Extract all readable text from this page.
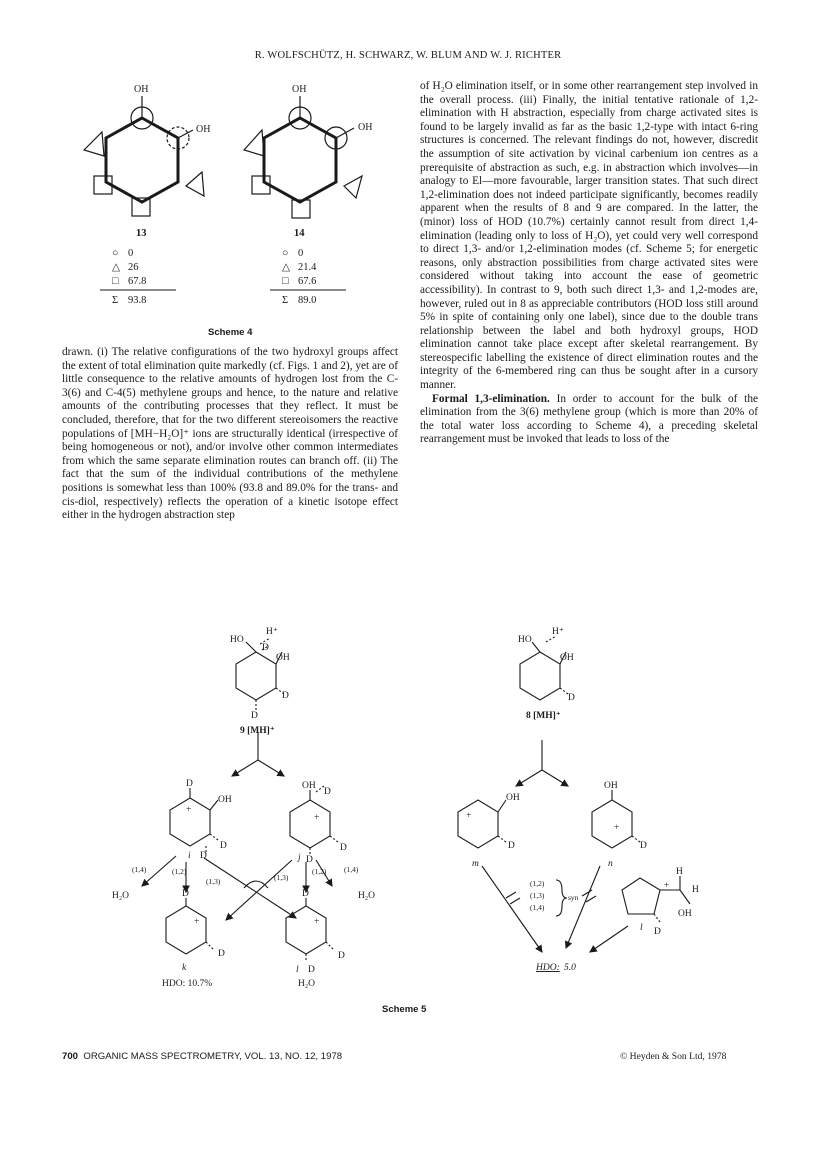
R. WOLFSCHÜTZ, H. SCHWARZ, W. BLUM AND W. J. RICHTER
OH
OH
OH
OH
13
○ 0
△ 26
□ 67.8
Σ 93.8
14
○ 0
△ 21.4
□ 67.6
Σ 89.0
Scheme 4

drawn. (i) The relative configurations of the two hydroxyl groups affect the extent of total elimination quite markedly (cf. Figs. 1 and 2), yet are of little consequence to the relative amounts of hydrogen lost from the C-3(6) and C-4(5) methylene groups and hence, to the nature and relative amounts of the contributing processes that they reflect. It must be concluded, therefore, that for the two different stereoisomers the reactive populations of [MH−H₂O]⁺ ions are structurally identical (irrespective of being homogeneous or not), and/or involve other common intermediates from which the same separate elimination routes can branch off. (ii) The fact that the sum of the individual contributions of the methylene positions is somewhat less than 100% (93.8 and 89.0% for the trans- and cis-diol, respectively) reflects the operation of a kinetic isotope effect either in the hydrogen abstraction step

of H₂O elimination itself, or in some other rearrangement step involved in the overall process. (iii) Finally, the initial tentative rationale of 1,2-elimination with H abstraction, especially from charge activated sites is found to be largely invalid as far as the basic 1,2-type with intact 6-ring structures is concerned. The relevant findings do not, however, discredit the assumption of site activation by vicinal carbenium ion centres as a prerequisite of abstraction as such, e.g. in abstraction which involves—in analogy to El—more favourable, larger transition states. That such direct 1,2-elimination does not indeed participate significantly, becomes readily apparent when the results of 8 and 9 are compared. In the latter, the (minor) loss of HOD (10.7%) certainly cannot result from direct 1,4-elimination (leading only to loss of H₂O), yet could very well correspond to direct 1,3- and/or 1,2-elimination modes (cf. Scheme 5; for energetic reasons, only abstraction possibilities from charge activated sites were considered without taking into account the ease of geometric accessibility). In contrast to 9, both such direct 1,3- and 1,2-modes are, however, ruled out in 8 as appreciable contributors (HOD loss still around 5% in spite of containing only one label), since due to the double trans relationship between the label and both hydroxyl groups, HOD elimination cannot take place except after skeletal rearrangement. By stereospecific labelling the existence of direct elimination routes and the integrity of the 6-membered ring can thus be sought after in a cursory manner.

Formal 1,3-elimination. In order to account for the bulk of the elimination from the 3(6) methylene group (which is more than 20% of the total water loss according to Scheme 4), a preceding skeletal rearrangement must be invoked that leads to loss of the

HO
H⁺
D
OH
D
D
9 [MH]⁺
HO
H⁺
OH
D
8 [MH]⁺
D
+
OH
D
i D
OH
D
+
D
j D
OH
+
D
m
OH
+
D
n
(1,4)	(1,2)
(1,3)	(1,3)
(1,2) (1,4)
(1,2)
(1,3)
(1,4)
syn
H₂O	H₂O
D
+
D
k
HDO: 10.7%
D
+
D
l D
H₂O
H
+ H
OH
l D
HDO: 5.0
Scheme 5
700 ORGANIC MASS SPECTROMETRY, VOL. 13, NO. 12, 1978	© Heyden & Son Ltd, 1978
